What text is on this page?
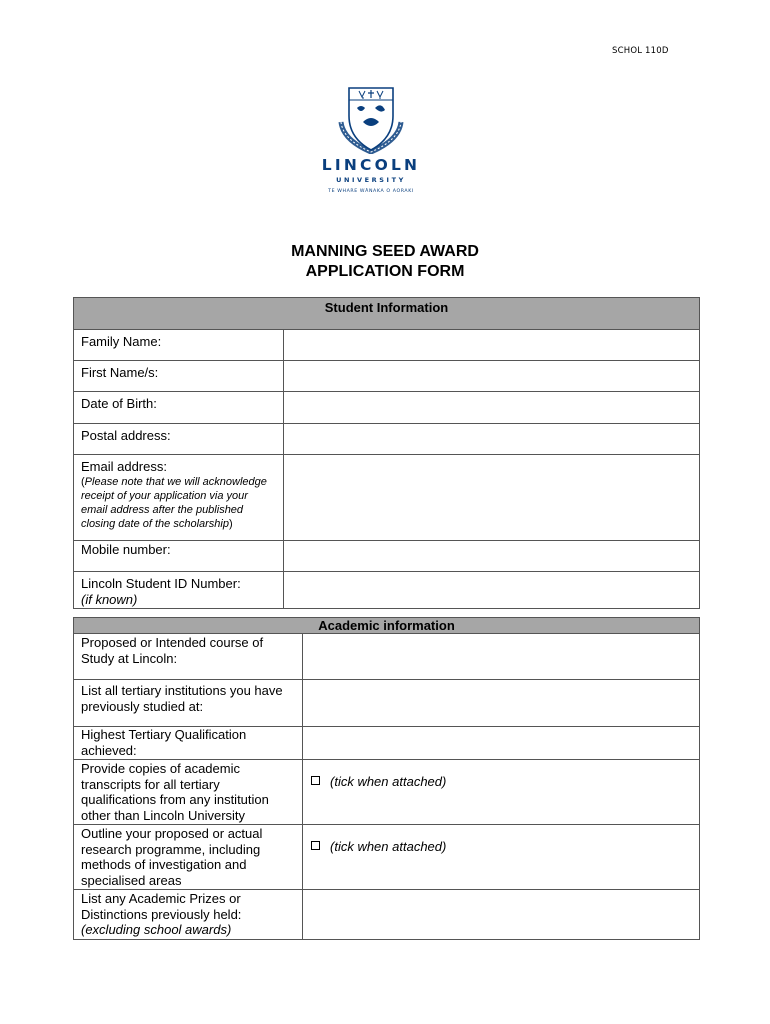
SCHOL 110D
LINCOLN
UNIVERSITY
TE WHARE WĀNAKA O AORAKI
MANNING SEED AWARD
APPLICATION FORM
Student Information	
Family Name:	
First Name/s:	
Date of Birth:	
Postal address:	

Email address:
(Please note that we will acknowledge receipt of your application via your email address after the published closing date of the scholarship)	

Mobile number:	

Lincoln Student ID Number:
(if known)	

Academic information	
Proposed or Intended course of Study at Lincoln:	
List all tertiary institutions you have previously studied at:	
Highest Tertiary Qualification achieved:	
Provide copies of academic transcripts for all tertiary qualifications from any institution other than Lincoln University	(tick when attached)
Outline your proposed or actual research programme, including methods of investigation and specialised areas	(tick when attached)

List any Academic Prizes or Distinctions previously held:
(excluding school awards)	
